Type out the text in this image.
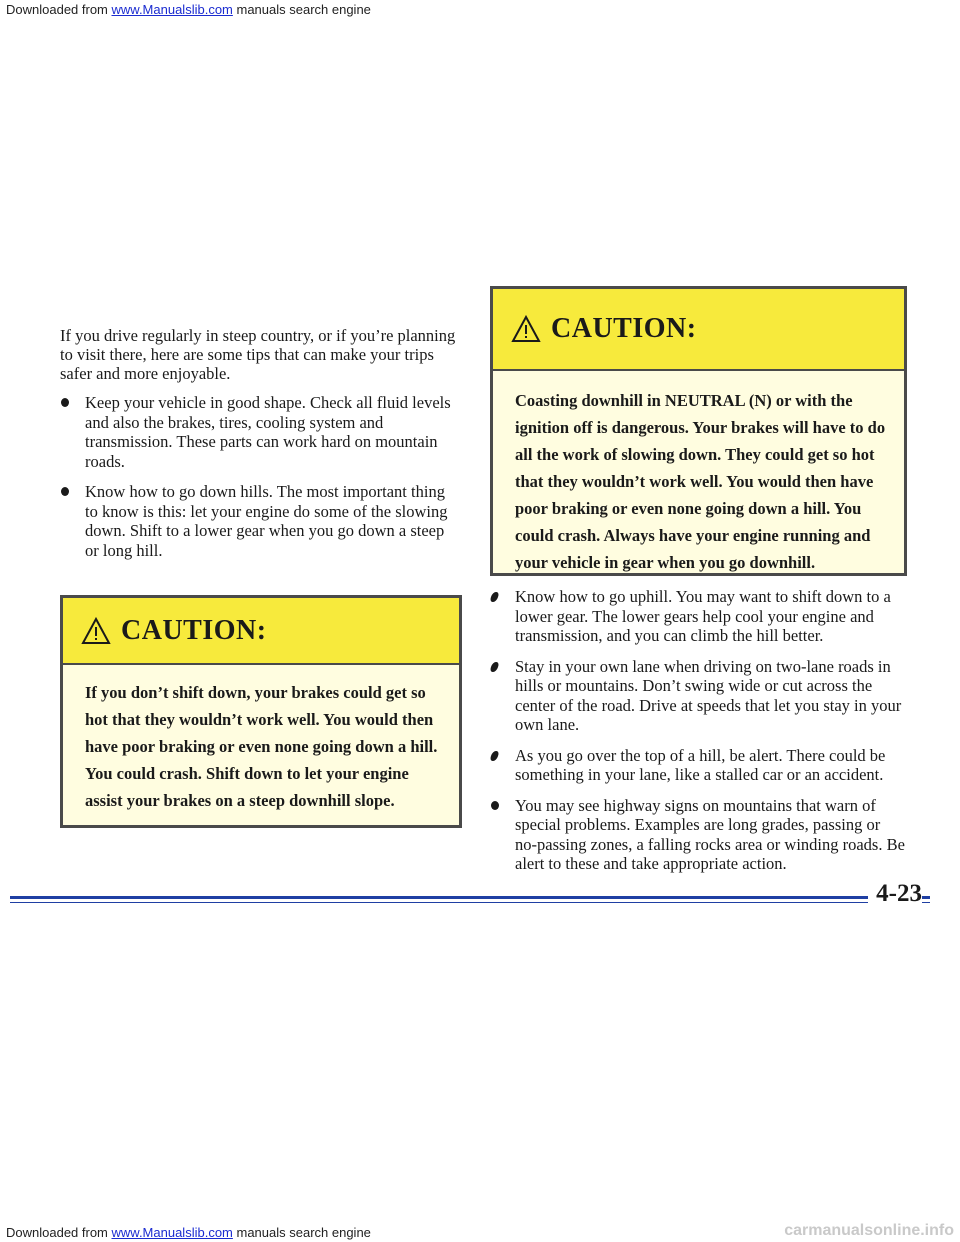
Downloaded from www.Manualslib.com manuals search engine

If you drive regularly in steep country, or if you’re planning to visit there, here are some tips that can make your trips safer and more enjoyable.

Keep your vehicle in good shape. Check all fluid levels and also the brakes, tires, cooling system and transmission. These parts can work hard on mountain roads.
Know how to go down hills. The most important thing to know is this: let your engine do some of the slowing down. Shift to a lower gear when you go down a steep or long hill.
CAUTION:
If you don’t shift down, your brakes could get so hot that they wouldn’t work well. You would then have poor braking or even none going down a hill. You could crash. Shift down to let your engine assist your brakes on a steep downhill slope.
CAUTION:
Coasting downhill in NEUTRAL (N) or with the ignition off is dangerous. Your brakes will have to do all the work of slowing down. They could get so hot that they wouldn’t work well. You would then have poor braking or even none going down a hill. You could crash. Always have your engine running and your vehicle in gear when you go downhill.
Know how to go uphill. You may want to shift down to a lower gear. The lower gears help cool your engine and transmission, and you can climb the hill better.
Stay in your own lane when driving on two-lane roads in hills or mountains. Don’t swing wide or cut across the center of the road. Drive at speeds that let you stay in your own lane.
As you go over the top of a hill, be alert. There could be something in your lane, like a stalled car or an accident.
You may see highway signs on mountains that warn of special problems. Examples are long grades, passing or no-passing zones, a falling rocks area or winding roads. Be alert to these and take appropriate action.
4-23
Downloaded from www.Manualslib.com manuals search engine	carmanualsonline.info
